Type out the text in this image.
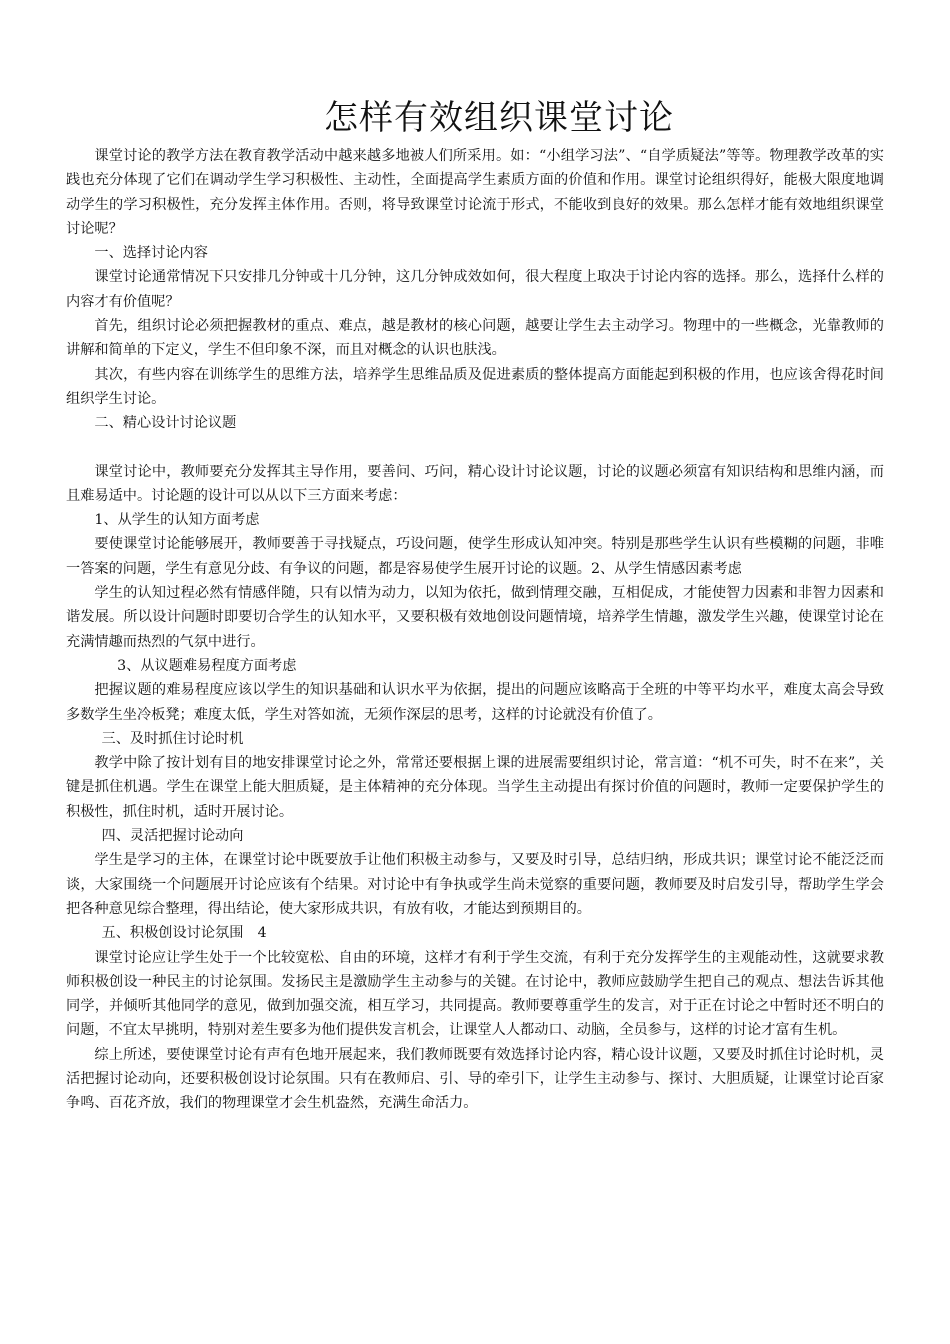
怎样有效组织课堂讨论
课堂讨论的教学方法在教育教学活动中越来越多地被人们所采用。如：“小组学习法”、“自学质疑法”等等。物理教学改革的实践也充分体现了它们在调动学生学习积极性、主动性，全面提高学生素质方面的价值和作用。课堂讨论组织得好，能极大限度地调动学生的学习积极性，充分发挥主体作用。否则，将导致课堂讨论流于形式，不能收到良好的效果。那么怎样才能有效地组织课堂讨论呢？
一、选择讨论内容
课堂讨论通常情况下只安排几分钟或十几分钟，这几分钟成效如何，很大程度上取决于讨论内容的选择。那么，选择什么样的内容才有价值呢？
首先，组织讨论必须把握教材的重点、难点，越是教材的核心问题，越要让学生去主动学习。物理中的一些概念，光靠教师的讲解和简单的下定义，学生不但印象不深，而且对概念的认识也肤浅。
其次，有些内容在训练学生的思维方法，培养学生思维品质及促进素质的整体提高方面能起到积极的作用，也应该舍得花时间组织学生讨论。
二、精心设计讨论议题
课堂讨论中，教师要充分发挥其主导作用，要善问、巧问，精心设计讨论议题，讨论的议题必须富有知识结构和思维内涵，而且难易适中。讨论题的设计可以从以下三方面来考虑：
1、从学生的认知方面考虑
要使课堂讨论能够展开，教师要善于寻找疑点，巧设问题，使学生形成认知冲突。特别是那些学生认识有些模糊的问题，非唯一答案的问题，学生有意见分歧、有争议的问题，都是容易使学生展开讨论的议题。2、从学生情感因素考虑
学生的认知过程必然有情感伴随，只有以情为动力，以知为依托，做到情理交融，互相促成，才能使智力因素和非智力因素和谐发展。所以设计问题时即要切合学生的认知水平，又要积极有效地创设问题情境，培养学生情趣，激发学生兴趣，使课堂讨论在充满情趣而热烈的气氛中进行。
3、从议题难易程度方面考虑
把握议题的难易程度应该以学生的知识基础和认识水平为依据，提出的问题应该略高于全班的中等平均水平，难度太高会导致多数学生坐冷板凳；难度太低，学生对答如流，无须作深层的思考，这样的讨论就没有价值了。
三、及时抓住讨论时机
教学中除了按计划有目的地安排课堂讨论之外，常常还要根据上课的进展需要组织讨论，常言道：“机不可失，时不在来”，关键是抓住机遇。学生在课堂上能大胆质疑，是主体精神的充分体现。当学生主动提出有探讨价值的问题时，教师一定要保护学生的积极性，抓住时机，适时开展讨论。
四、灵活把握讨论动向
学生是学习的主体，在课堂讨论中既要放手让他们积极主动参与，又要及时引导，总结归纳，形成共识；课堂讨论不能泛泛而谈，大家围绕一个问题展开讨论应该有个结果。对讨论中有争执或学生尚未觉察的重要问题，教师要及时启发引导，帮助学生学会把各种意见综合整理，得出结论，使大家形成共识，有放有收，才能达到预期目的。
五、积极创设讨论氛围　4
课堂讨论应让学生处于一个比较宽松、自由的环境，这样才有利于学生交流，有利于充分发挥学生的主观能动性，这就要求教师积极创设一种民主的讨论氛围。发扬民主是激励学生主动参与的关键。在讨论中，教师应鼓励学生把自己的观点、想法告诉其他同学，并倾听其他同学的意见，做到加强交流，相互学习，共同提高。教师要尊重学生的发言，对于正在讨论之中暂时还不明白的问题，不宜太早挑明，特别对差生要多为他们提供发言机会，让课堂人人都动口、动脑，全员参与，这样的讨论才富有生机。
综上所述，要使课堂讨论有声有色地开展起来，我们教师既要有效选择讨论内容，精心设计议题，又要及时抓住讨论时机，灵活把握讨论动向，还要积极创设讨论氛围。只有在教师启、引、导的牵引下，让学生主动参与、探讨、大胆质疑，让课堂讨论百家争鸣、百花齐放，我们的物理课堂才会生机盎然，充满生命活力。
